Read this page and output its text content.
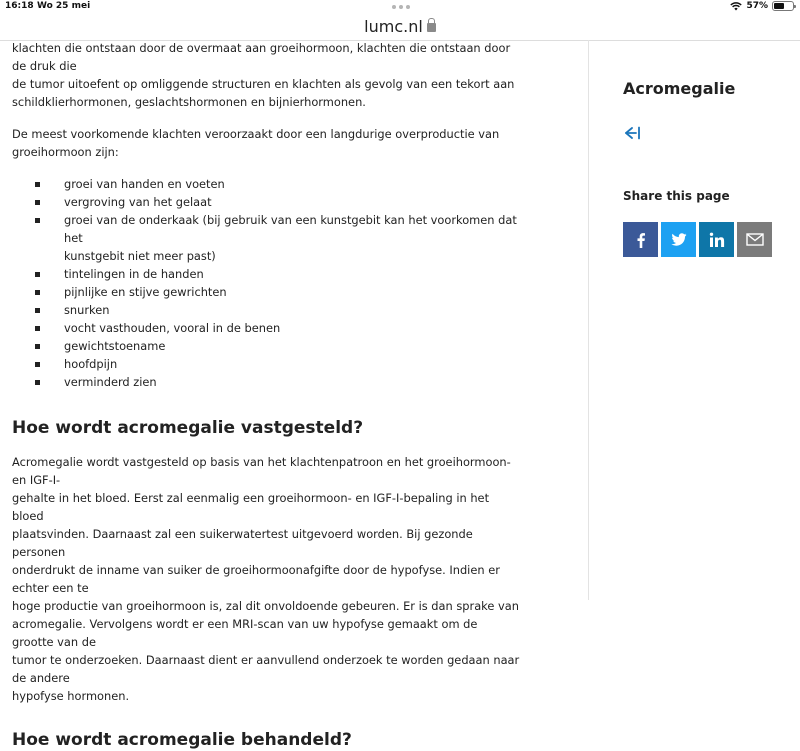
16:18 Wo 25 mei	57%
lumc.nl

klachten die ontstaan door de overmaat aan groeihormoon, klachten die ontstaan door de druk die
de tumor uitoefent op omliggende structuren en klachten als gevolg van een tekort aan
schildklierhormonen, geslachtshormonen en bijnierhormonen.

De meest voorkomende klachten veroorzaakt door een langdurige overproductie van
groeihormoon zijn:

groei van handen en voeten
vergroving van het gelaat
groei van de onderkaak (bij gebruik van een kunstgebit kan het voorkomen dat het
kunstgebit niet meer past)
tintelingen in de handen
pijnlijke en stijve gewrichten
snurken
vocht vasthouden, vooral in de benen
gewichtstoename
hoofdpijn
verminderd zien
Hoe wordt acromegalie vastgesteld?

Acromegalie wordt vastgesteld op basis van het klachtenpatroon en het groeihormoon- en IGF-I-
gehalte in het bloed. Eerst zal eenmalig een groeihormoon- en IGF-I-bepaling in het bloed
plaatsvinden. Daarnaast zal een suikerwatertest uitgevoerd worden. Bij gezonde personen
onderdrukt de inname van suiker de groeihormoonafgifte door de hypofyse. Indien er echter een te
hoge productie van groeihormoon is, zal dit onvoldoende gebeuren. Er is dan sprake van
acromegalie. Vervolgens wordt er een MRI-scan van uw hypofyse gemaakt om de grootte van de
tumor te onderzoeken. Daarnaast dient er aanvullend onderzoek te worden gedaan naar de andere
hypofyse hormonen.

Hoe wordt acromegalie behandeld?
Acromegalie
Share this page
